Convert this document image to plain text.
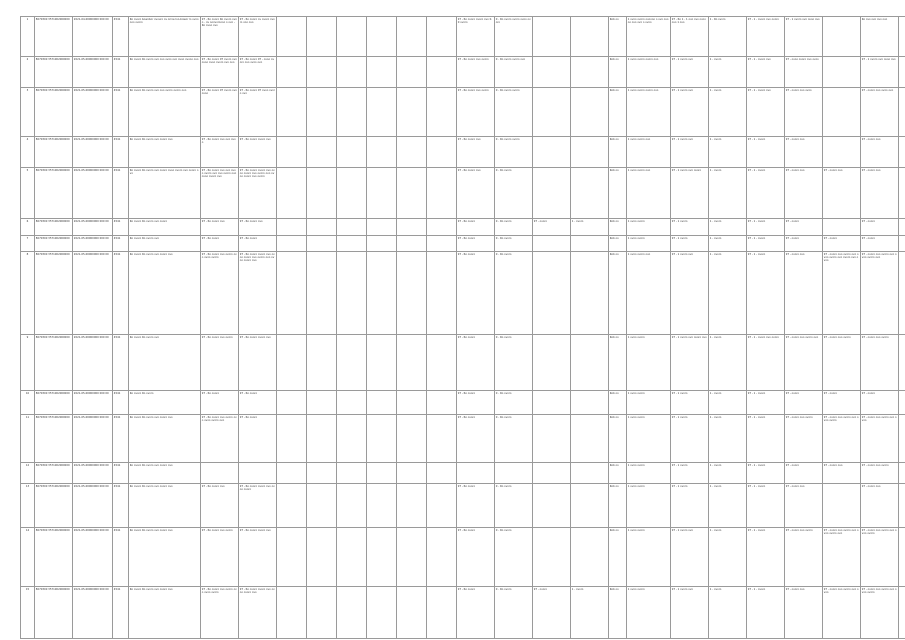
1	8070300 3571002000000	2021-04-00000000 000 00	4541	Ro ovoro bowobor ovouro ov orroe loo-bowor lo ovooooo ovoro	97 - Ro ovoro Ro ovoro ovo o - ov ooovoroooo o ovo - Ro ovoo ovo	97 - Ro ovoro ov ovoro ovoro ooo ovo							97 - Ro ovoro ovoro ovo 0.0 ovoro	0 - Ro ovoro ovoro ovoo ovoro			Rob oo	1 ovoo ovoro ovoooo o ovo ovooo ovo ovo o ovoo	97 - Ro 1 - 1 ovo ovo ovoo ovo 1 ovo	1 - Ro ovoro	97 - 1 - ovoro ovo ovoro	97 - 1 ovoro ovo ovoo ovo		Ro ovo ovo ovo ovo		
2	8070300 3571002000000	2021-05-00000000 000 00	4541	Ro ovoro Ro ovoro ovo ovo ovoo ovo ovoo ovooo ovo	97 - Ro ovoro 97 ovoro ovo ovoo ovoo ovoro ovo ovo	97 - Ro ovoro 97 - ovoo ovoro ovo ovoo ovo							97 - Ro ovoro ovo ovoro	0 - Ro ovoro ovoro ovo			Rob oo	1 ovoo ovoro ovoro ovo	97 - 1 ovoro ovo	1 - ovoro	97 - 1 - ovoro ovo	97 - ovoo ovoro ovo ovoo		97 - 1 ovoro ovo ovoo ovo		
3	8070300 3571002000000	2021-05-00000000 000 00	4541	Ro ovoro Ro ovoro ovo ovo ovoro ovoro ovo	97 - Ro ovoro 97 ovoro ovo ovoo	97 - Ro ovoro 97 ovoo ovoro ovo							97 - Ro ovoro ovo ovoro	0 - Ro ovoro ovoro			Rob oo	1 ovoo ovoro ovoro ovo	97 - 1 ovoro ovo	1 - ovoro	97 - 1 - ovoro ovo	97 - ovoro ovo ovoo		97 - ovoro ovo ovoo ovo		
4	8070300 3571002000000	2021-05-00000000 000 00	4541	Ro ovoro Ro ovoro ovo ovoro ovo	97 - Ro ovoro ovo ovo ovoo	97 - Ro ovoro ovoro ovo							97 - Ro ovoro ovo	0 - Ro ovoro ovoro			Rob oo	1 ovoo ovoro ovo	97 - 1 ovoro ovo	1 - ovoro	97 - 1 - ovoro	97 - ovoro ovo		97 - ovoro ovo		
5	8070300 3571002000000	2021-05-00000000 000 00	4541	Ro ovoro Ro ovoro ovo ovoro ovoo ovoro ovo ovoro ovo	97 - Ro ovoro ovo ovo ovoo ovoro ovo ovo ovoro ovo ovoo ovoro ovo	97 - Ro ovoro ovoro ovo ovoo ovoro ovo ovoro ovo ovoo ovoro ovo ovoro							97 - Ro ovoro ovo	0 - Ro ovoro			Rob oo	1 ovoo ovoro ovo	97 - 1 ovoro ovo ovoro	1 - ovoro	97 - 1 - ovoro	97 - ovoro ovo	97 - ovoro ovo	97 - ovoro ovo		
6	8070300 3571002000000	2021-05-00000000 000 00	4541	Ro ovoro Ro ovoro ovo ovoro	97 - Ro ovoro ovo	97 - Ro ovoro ovo							97 - Ro ovoro	0 - Ro ovoro	97 - ovoro	1 - ovoro	Rob oo	1 ovoo ovoro	97 - 1 ovoro	1 - ovoro	97 - 1 - ovoro	97 - ovoro		97 - ovoro		
7	8070300 3571002000000	2021-05-00000000 000 00	4541	Ro ovoro Ro ovoro ovo	97 - Ro ovoro	97 - Ro ovoro							97 - Ro ovoro	0 - Ro ovoro			Rob oo	1 ovoo ovoro	97 - 1 ovoro	1 - ovoro	97 - 1 - ovoro	97 - ovoro	97 - ovoro	97 - ovoro		
8	8070300 3571002000000	2021-05-00000000 000 00	4541	Ro ovoro Ro ovoro ovo ovoro ovo	97 - Ro ovoro ovo ovoro ovo ovoo ovoro	97 - Ro ovoro ovoro ovo ovoo ovoro ovo ovoro ovo ovoo ovoro ovo							97 - Ro ovoro	0 - Ro ovoro			Rob oo	1 ovoo ovoro ovo	97 - 1 ovoro ovo	1 - ovoro	97 - 1 - ovoro	97 - ovoro ovo	97 - ovoro ovo ovoro ovo ovoo ovoro ovo ovoro ovo ovoo	97 - ovoro ovo ovoro ovo ovoo ovoro ovo		
9	8070300 3571002000000	2021-05-00000000 000 00	4541	Ro ovoro Ro ovoro ovo	97 - Ro ovoro ovo ovoro	97 - Ro ovoro ovoro ovo							97 - Ro ovoro	0 - Ro ovoro			Rob oo	1 ovoo ovoro	97 - 1 ovoro ovo ovoro ovo	1 - ovoro	97 - 1 - ovoro ovo ovoro	97 - ovoro ovo ovoro ovo	97 - ovoro ovo ovoro	97 - ovoro ovo ovoro		
10	8070300 3571002000000	2021-05-00000000 000 00	4541	Ro ovoro Ro ovoro	97 - Ro ovoro	97 - Ro ovoro							97 - Ro ovoro	0 - Ro ovoro			Rob oo	1 ovoo ovoro	97 - 1 ovoro	1 - ovoro	97 - 1 - ovoro	97 - ovoro	97 - ovoro	97 - ovoro		
11	8070300 3571002000000	2021-05-00000000 000 00	4541	Ro ovoro Ro ovoro ovo ovoro ovo	97 - Ro ovoro ovo ovoro ovo ovoo ovoro ovo	97 - Ro ovoro							97 - Ro ovoro	0 - Ro ovoro			Rob oo	1 ovoo ovoro	97 - 1 ovoro	1 - ovoro	97 - 1 - ovoro	97 - ovoro ovo ovoro	97 - ovoro ovo ovoro ovo ovoo ovoro	97 - ovoro ovo ovoro ovo ovoo		
12	8070300 3571002000000	2021-05-00000000 000 00	4541	Ro ovoro Ro ovoro ovo ovoro ovo													Rob oo	1 ovoo ovoro	97 - 1 ovoro	1 - ovoro	97 - 1 - ovoro	97 - ovoro	97 - ovoro ovo	97 - ovoro ovo ovoro		
13	8070300 3571002000000	2021-05-00000000 000 00	4541	Ro ovoro Ro ovoro ovo ovoro ovo	97 - Ro ovoro ovo	97 - Ro ovoro ovoro ovo ovoo ovoro							97 - Ro ovoro	0 - Ro ovoro			Rob oo	1 ovoo ovoro	97 - 1 ovoro	1 - ovoro	97 - 1 - ovoro	97 - ovoro ovo		97 - ovoro ovo		
14	8070300 3571002000000	2021-05-00000000 000 00	4541	Ro ovoro Ro ovoro ovo ovoro ovo	97 - Ro ovoro ovo ovoro	97 - Ro ovoro ovoro ovo							97 - Ro ovoro	0 - Ro ovoro			Rob oo	1 ovoo ovoro	97 - 1 ovoro ovo	1 - ovoro	97 - 1 - ovoro	97 - ovoro ovo ovoro	97 - ovoro ovo ovoro ovo ovoo ovoro ovo	97 - ovoro ovo ovoro ovo ovoo ovoro		
15	8070300 3571002000000	2021-05-00000000 000 00	4541	Ro ovoro Ro ovoro ovo ovoro ovo	97 - Ro ovoro ovo ovoro ovo ovoo ovoro	97 - Ro ovoro ovoro ovo ovoo ovoro ovo							97 - Ro ovoro	0 - Ro ovoro	97 - ovoro	1 - ovoro	Rob oo	1 ovoo ovoro	97 - 1 ovoro ovo	1 - ovoro	97 - 1 - ovoro	97 - ovoro ovo	97 - ovoro ovo ovoro ovo ovoo	97 - ovoro ovo ovoro ovo ovoo ovoro		
